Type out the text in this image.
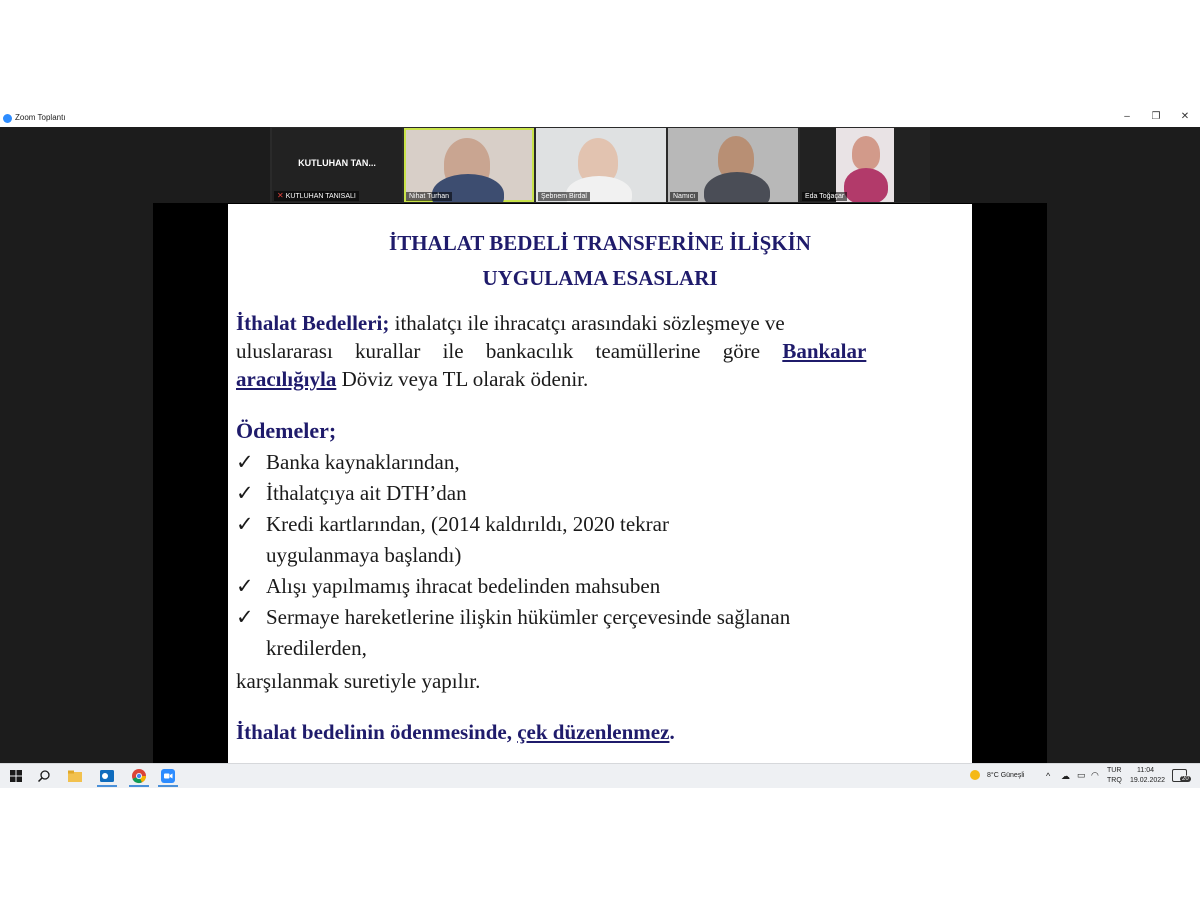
Zoom Toplantı	–	❐ ✕
KUTLUHAN TAN...
✕ KUTLUHAN TANISALI	Nihat Turhan	Şebnem Birdal	Namıcı	Eda Toğaçar
İTHALAT BEDELİ TRANSFERİNE İLİŞKİN
UYGULAMA ESASLARI
İthalat Bedelleri; ithalatçı ile ihracatçı arasındaki sözleşmeye ve
uluslararası kurallar ile bankacılık teamüllerine göre Bankalar
aracılığıyla Döviz veya TL olarak ödenir.
Ödemeler;
✓ Banka kaynaklarından,
✓ İthalatçıya ait DTH’dan
✓ Kredi kartlarından, (2014 kaldırıldı, 2020 tekrar
uygulanmaya başlandı)
✓ Alışı yapılmamış ihracat bedelinden mahsuben
✓ Sermaye hareketlerine ilişkin hükümler çerçevesinde sağlanan
kredilerden,
karşılanmak suretiyle yapılır.
İthalat bedelinin ödenmesinde, çek düzenlenmez.
8°C Güneşli ^ ☁ ▭ ◠ TUR
TRQ
11:04
19.02.2022	20
